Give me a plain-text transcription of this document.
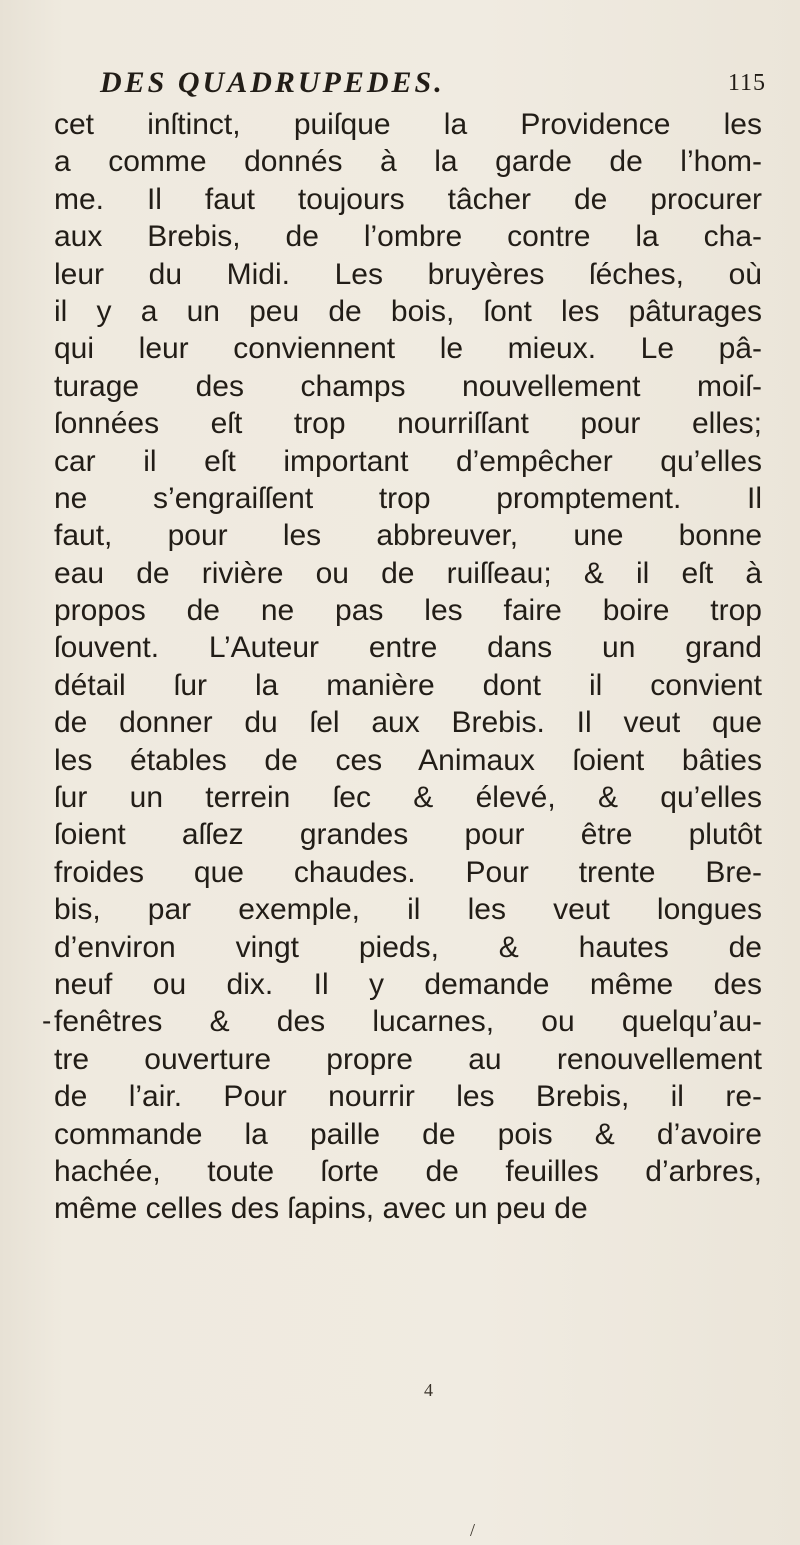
DES QUADRUPEDES.	115
cet inſtinct, puiſque la Providence les
a comme donnés à la garde de l’hom-
me. Il faut toujours tâcher de procurer
aux Brebis, de l’ombre contre la cha-
leur du Midi. Les bruyères ſéches, où
il y a un peu de bois, ſont les pâturages
qui leur conviennent le mieux. Le pâ-
turage des champs nouvellement moiſ-
ſonnées eſt trop nourriſſant pour elles;
car il eſt important d’empêcher qu’elles
ne s’engraiſſent trop promptement. Il
faut, pour les abbreuver, une bonne
eau de rivière ou de ruiſſeau; & il eſt à
propos de ne pas les faire boire trop
ſouvent. L’Auteur entre dans un grand
détail ſur la manière dont il convient
de donner du ſel aux Brebis. Il veut que
les étables de ces Animaux ſoient bâties
ſur un terrein ſec & élevé, & qu’elles
ſoient aſſez grandes pour être plutôt
froides que chaudes. Pour trente Bre-
bis, par exemple, il les veut longues
d’environ vingt pieds, & hautes de
neuf ou dix. Il y demande même des
fenêtres & des lucarnes, ou quelqu’au-
tre ouverture propre au renouvellement
de l’air. Pour nourrir les Brebis, il re-
commande la paille de pois & d’avoire
hachée, toute ſorte de feuilles d’arbres,
même celles des ſapins, avec un peu de
-
4
/
